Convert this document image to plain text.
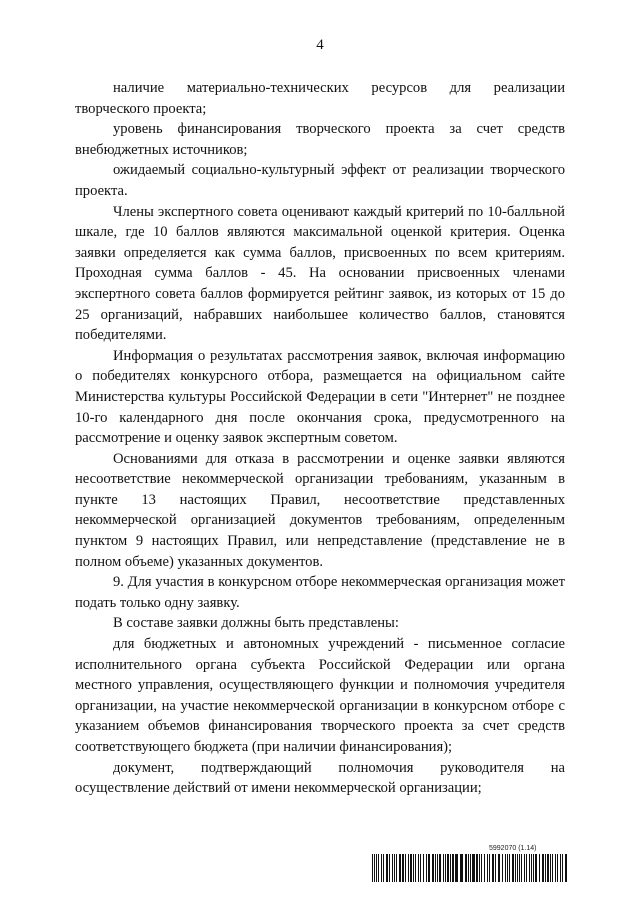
4

наличие материально-технических ресурсов для реализации творческого проекта;

уровень финансирования творческого проекта за счет средств внебюджетных источников;

ожидаемый социально-культурный эффект от реализации творческого проекта.

Члены экспертного совета оценивают каждый критерий по 10-балльной шкале, где 10 баллов являются максимальной оценкой критерия. Оценка заявки определяется как сумма баллов, присвоенных по всем критериям. Проходная сумма баллов - 45. На основании присвоенных членами экспертного совета баллов формируется рейтинг заявок, из которых от 15 до 25 организаций, набравших наибольшее количество баллов, становятся победителями.

Информация о результатах рассмотрения заявок, включая информацию о победителях конкурсного отбора, размещается на официальном сайте Министерства культуры Российской Федерации в сети "Интернет" не позднее 10-го календарного дня после окончания срока, предусмотренного на рассмотрение и оценку заявок экспертным советом.

Основаниями для отказа в рассмотрении и оценке заявки являются несоответствие некоммерческой организации требованиям, указанным в пункте 13 настоящих Правил, несоответствие представленных некоммерческой организацией документов требованиям, определенным пунктом 9 настоящих Правил, или непредставление (представление не в полном объеме) указанных документов.

9. Для участия в конкурсном отборе некоммерческая организация может подать только одну заявку.

В составе заявки должны быть представлены:

для бюджетных и автономных учреждений - письменное согласие исполнительного органа субъекта Российской Федерации или органа местного управления, осуществляющего функции и полномочия учредителя организации, на участие некоммерческой организации в конкурсном отборе с указанием объемов финансирования творческого проекта за счет средств соответствующего бюджета (при наличии финансирования);

документ, подтверждающий полномочия руководителя на осуществление действий от имени некоммерческой организации;

5992070 (1.14)
